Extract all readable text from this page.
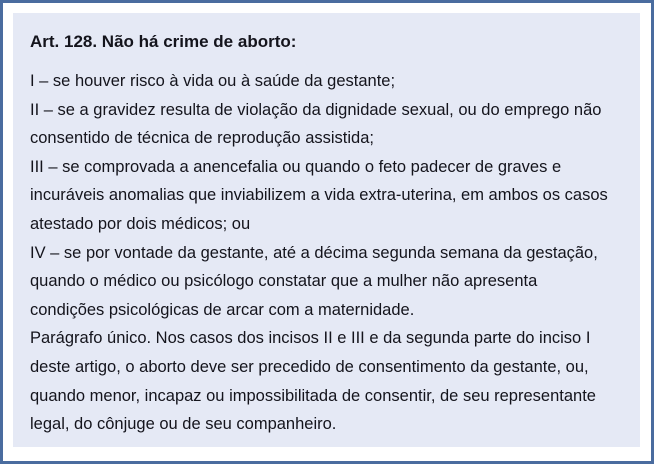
Art. 128. Não há crime de aborto:
I – se houver risco à vida ou à saúde da gestante;
II – se a gravidez resulta de violação da dignidade sexual, ou do emprego não
consentido de técnica de reprodução assistida;
III – se comprovada a anencefalia ou quando o feto padecer de graves e
incuráveis anomalias que inviabilizem a vida extra-uterina, em ambos os casos
atestado por dois médicos; ou
IV – se por vontade da gestante, até a décima segunda semana da gestação,
quando o médico ou psicólogo constatar que a mulher não apresenta
condições psicológicas de arcar com a maternidade.
Parágrafo único. Nos casos dos incisos II e III e da segunda parte do inciso I
deste artigo, o aborto deve ser precedido de consentimento da gestante, ou,
quando menor, incapaz ou impossibilitada de consentir, de seu representante
legal, do cônjuge ou de seu companheiro.
